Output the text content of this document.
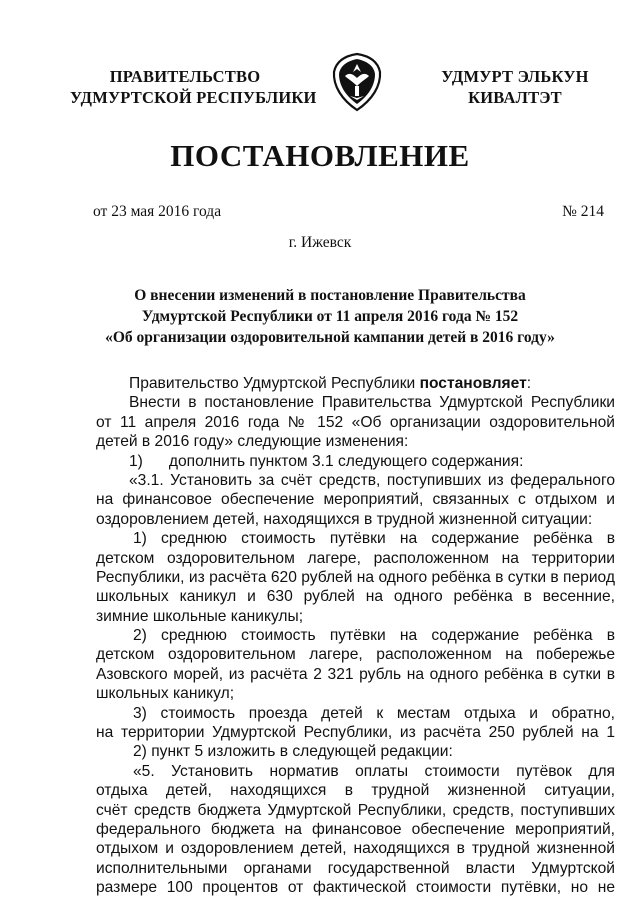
ПРАВИТЕЛЬСТВО
УДМУРТСКОЙ РЕСПУБЛИКИ
УДМУРТ ЭЛЬКУН
КИВАЛТЭТ
ПОСТАНОВЛЕНИЕ
от 23 мая 2016 года	№ 214
г. Ижевск
О внесении изменений в постановление Правительства
Удмуртской Республики от 11 апреля 2016 года № 152
«Об организации оздоровительной кампании детей в 2016 году»
Правительство Удмуртской Республики постановляет:
Внести в постановление Правительства Удмуртской Республики
от 11 апреля 2016 года № 152 «Об организации оздоровительной
детей в 2016 году» следующие изменения:
1)      дополнить пунктом 3.1 следующего содержания:
«3.1. Установить за счёт средств, поступивших из федерального
на финансовое обеспечение мероприятий, связанных с отдыхом и
оздоровлением детей, находящихся в трудной жизненной ситуации:
1) среднюю стоимость путёвки на содержание ребёнка в
детском оздоровительном лагере, расположенном на территории
Республики, из расчёта 620 рублей на одного ребёнка в сутки в период
школьных каникул и 630 рублей на одного ребёнка в весенние,
зимние школьные каникулы;
2) среднюю стоимость путёвки на содержание ребёнка в
детском оздоровительном лагере, расположенном на побережье
Азовского морей, из расчёта 2 321 рубль на одного ребёнка в сутки в
школьных каникул;
3) стоимость проезда детей к местам отдыха и обратно,
на территории Удмуртской Республики, из расчёта 250 рублей на 1
2) пункт 5 изложить в следующей редакции:
«5. Установить норматив оплаты стоимости путёвок для
отдыха детей, находящихся в трудной жизненной ситуации,
счёт средств бюджета Удмуртской Республики, средств, поступивших
федерального бюджета на финансовое обеспечение мероприятий,
отдыхом и оздоровлением детей, находящихся в трудной жизненной
исполнительными органами государственной власти Удмуртской
размере 100 процентов от фактической стоимости путёвки, но не
